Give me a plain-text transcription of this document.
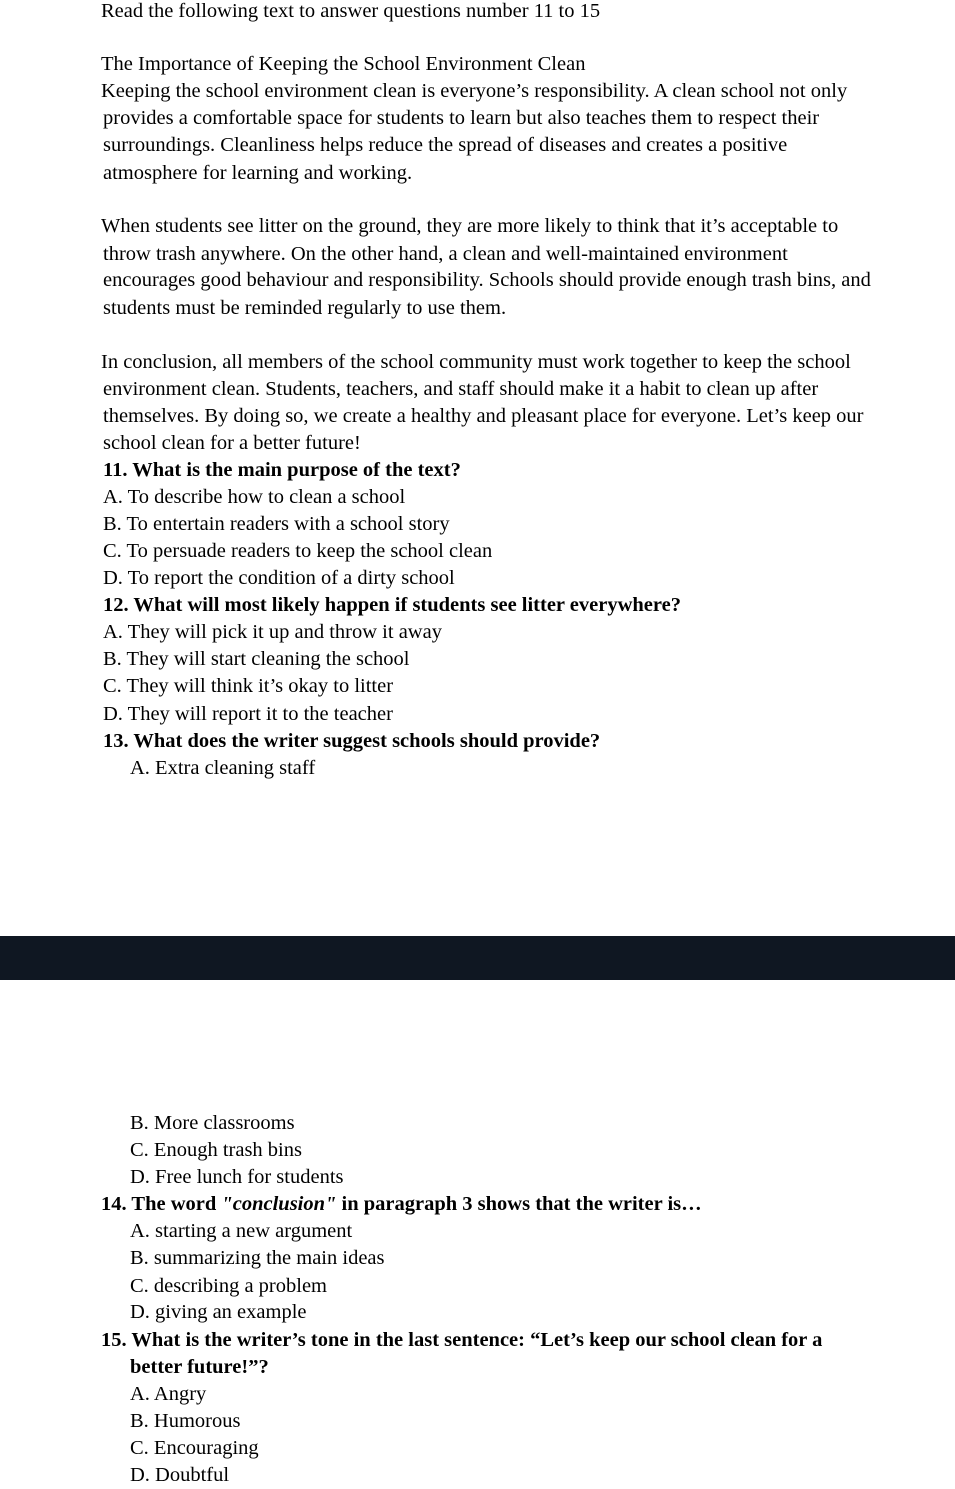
Read the following text to answer questions number 11 to 15
The Importance of Keeping the School Environment Clean
Keeping the school environment clean is everyone’s responsibility. A clean school not only
provides a comfortable space for students to learn but also teaches them to respect their
surroundings. Cleanliness helps reduce the spread of diseases and creates a positive
atmosphere for learning and working.
When students see litter on the ground, they are more likely to think that it’s acceptable to
throw trash anywhere. On the other hand, a clean and well-maintained environment
encourages good behaviour and responsibility. Schools should provide enough trash bins, and
students must be reminded regularly to use them.
In conclusion, all members of the school community must work together to keep the school
environment clean. Students, teachers, and staff should make it a habit to clean up after
themselves. By doing so, we create a healthy and pleasant place for everyone. Let’s keep our
school clean for a better future!
11. What is the main purpose of the text?
A. To describe how to clean a school
B. To entertain readers with a school story
C. To persuade readers to keep the school clean
D. To report the condition of a dirty school
12. What will most likely happen if students see litter everywhere?
A. They will pick it up and throw it away
B. They will start cleaning the school
C. They will think it’s okay to litter
D. They will report it to the teacher
13. What does the writer suggest schools should provide?
A. Extra cleaning staff
B. More classrooms
C. Enough trash bins
D. Free lunch for students
14. The word "conclusion" in paragraph 3 shows that the writer is…
A. starting a new argument
B. summarizing the main ideas
C. describing a problem
D. giving an example
15. What is the writer’s tone in the last sentence: “Let’s keep our school clean for a
better future!”?
A. Angry
B. Humorous
C. Encouraging
D. Doubtful
